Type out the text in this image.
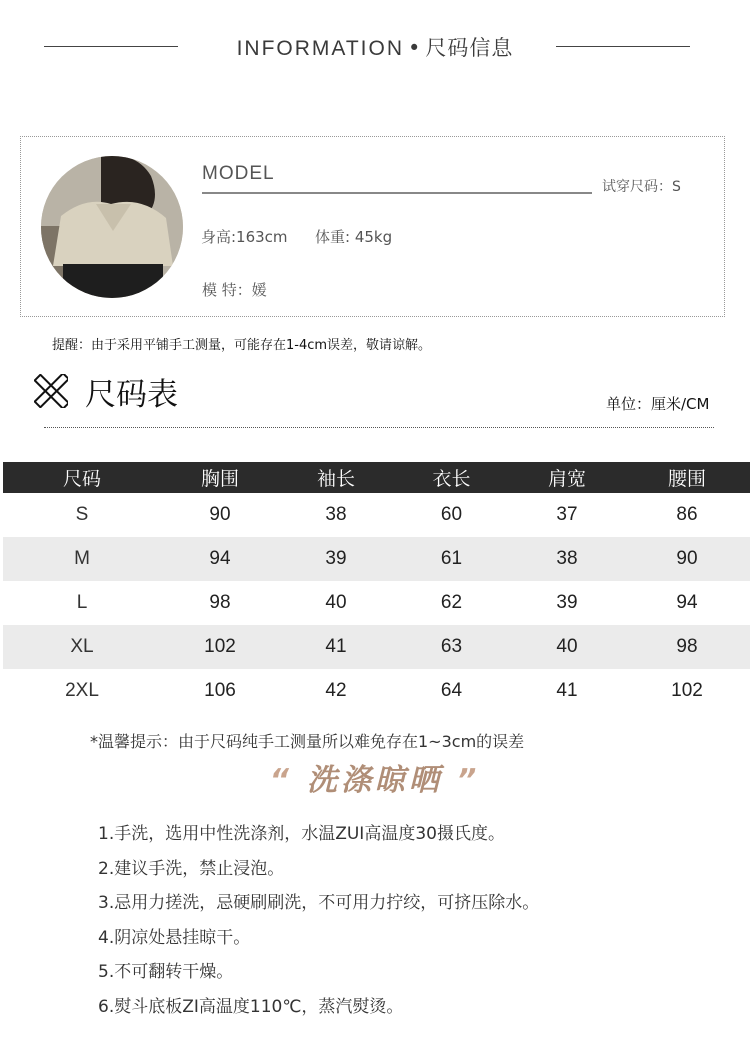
INFORMATION • 尺码信息
MODEL
试穿尺码：S
身高:163cm 体重: 45kg
模 特：媛
提醒：由于采用平铺手工测量，可能存在1-4cm误差，敬请谅解。
尺码表	单位：厘米/CM
尺码	胸围	袖长	衣长	肩宽	腰围
S	90	38	60	37	86
M	94	39	61	38	90
L	98	40	62	39	94
XL	102	41	63	40	98
2XL	106	42	64	41	102
*温馨提示：由于尺码纯手工测量所以难免存在1~3cm的误差
“ 洗涤晾晒 ”
1.手洗，选用中性洗涤剂，水温ZUI高温度30摄氏度。
2.建议手洗，禁止浸泡。
3.忌用力搓洗，忌硬刷刷洗，不可用力拧绞，可挤压除水。
4.阴凉处悬挂晾干。
5.不可翻转干燥。
6.熨斗底板ZI高温度110℃，蒸汽熨烫。
